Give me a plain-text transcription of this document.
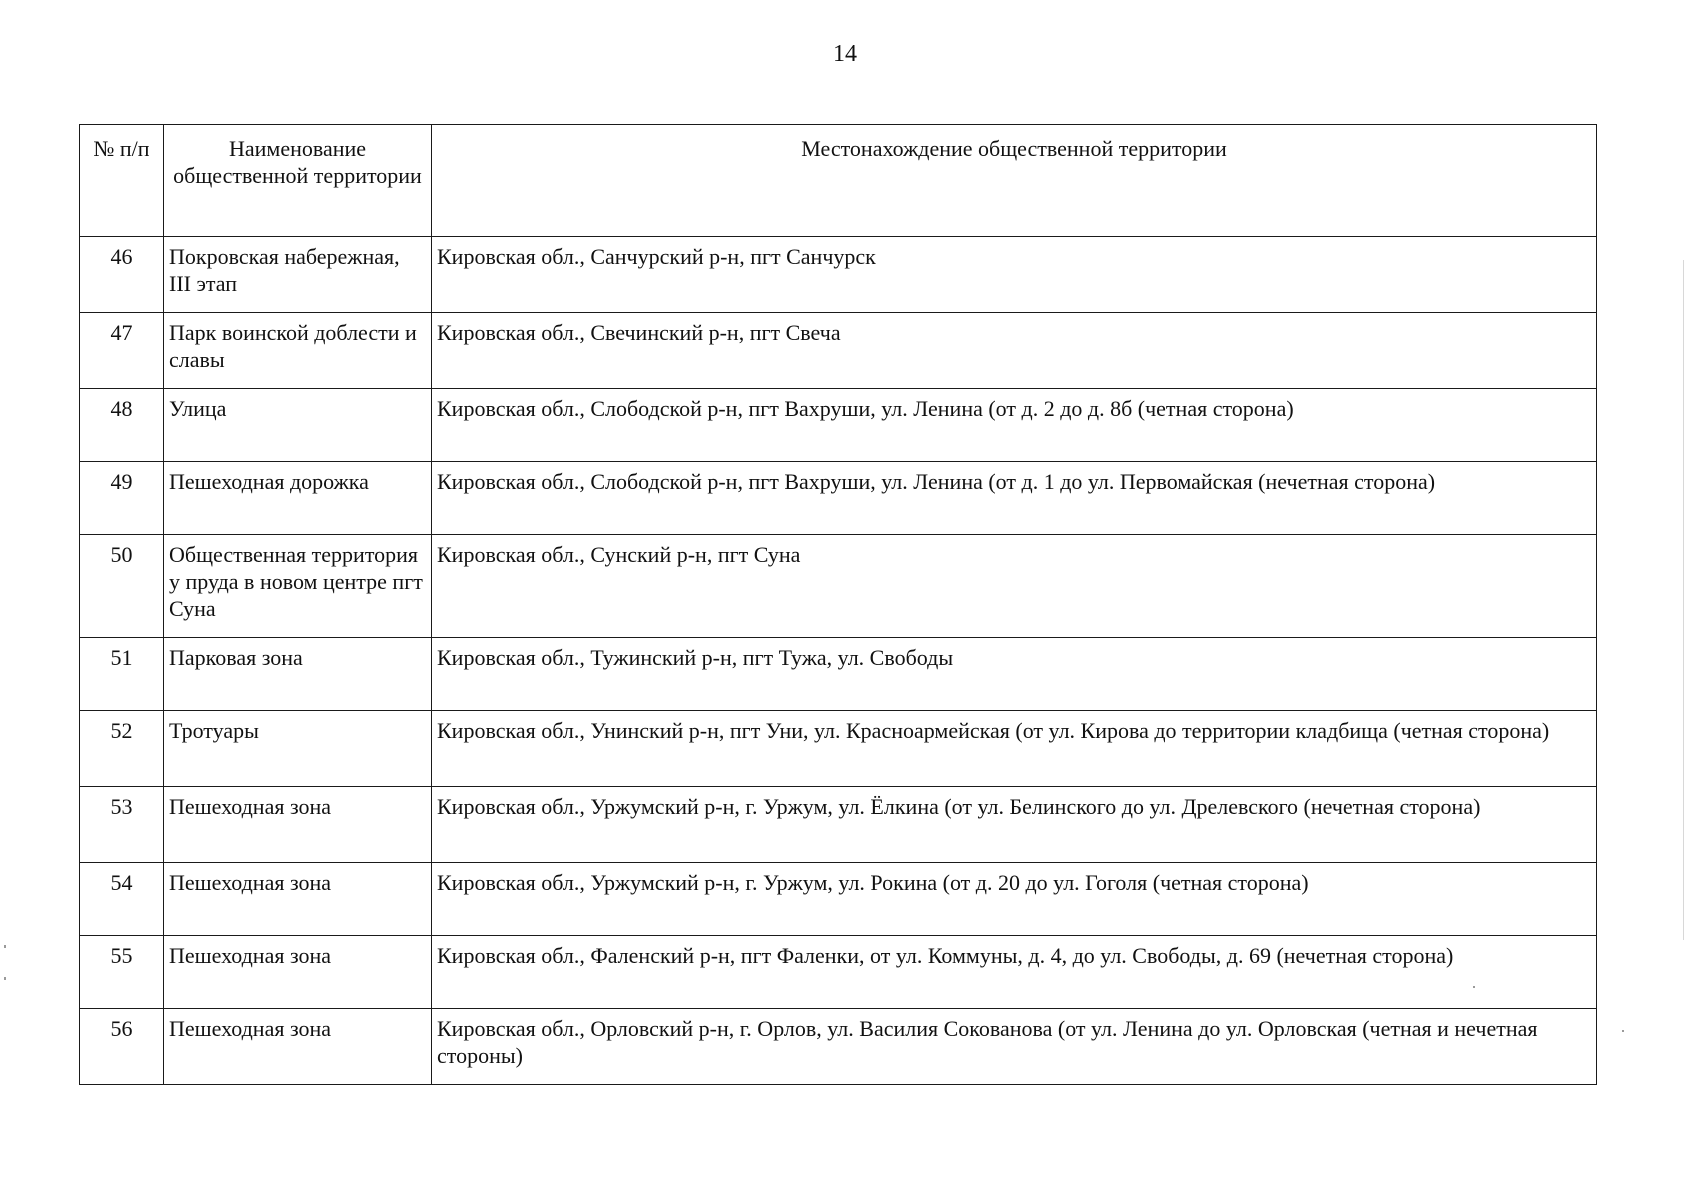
14
№ п/п	Наименование общественной территории	Местонахождение общественной территории
46	Покровская набережная, III этап	Кировская обл., Санчурский р-н, пгт Санчурск
47	Парк воинской доблести и славы	Кировская обл., Свечинский р-н, пгт Свеча
48	Улица	Кировская обл., Слободской р-н, пгт Вахруши, ул. Ленина (от д. 2 до д. 8б (четная сторона)
49	Пешеходная дорожка	Кировская обл., Слободской р-н, пгт Вахруши, ул. Ленина (от д. 1 до ул. Первомайская (нечетная сторона)
50	Общественная территория у пруда в новом центре пгт Суна	Кировская обл., Сунский р-н, пгт Суна
51	Парковая зона	Кировская обл., Тужинский р-н, пгт Тужа, ул. Свободы
52	Тротуары	Кировская обл., Унинский р-н, пгт Уни, ул. Красноармейская (от ул. Кирова до территории кладбища (четная сторона)
53	Пешеходная зона	Кировская обл., Уржумский р-н, г. Уржум, ул. Ёлкина (от ул. Белинского до ул. Дрелевского (нечетная сторона)
54	Пешеходная зона	Кировская обл., Уржумский р-н, г. Уржум, ул. Рокина (от д. 20 до ул. Гоголя (четная сторона)
55	Пешеходная зона	Кировская обл., Фаленский р-н, пгт Фаленки, от ул. Коммуны, д. 4, до ул. Свободы, д. 69 (нечетная сторона)
56	Пешеходная зона	Кировская обл., Орловский р-н, г. Орлов, ул. Василия Сокованова (от ул. Ленина до ул. Орловская (четная и нечетная стороны)
